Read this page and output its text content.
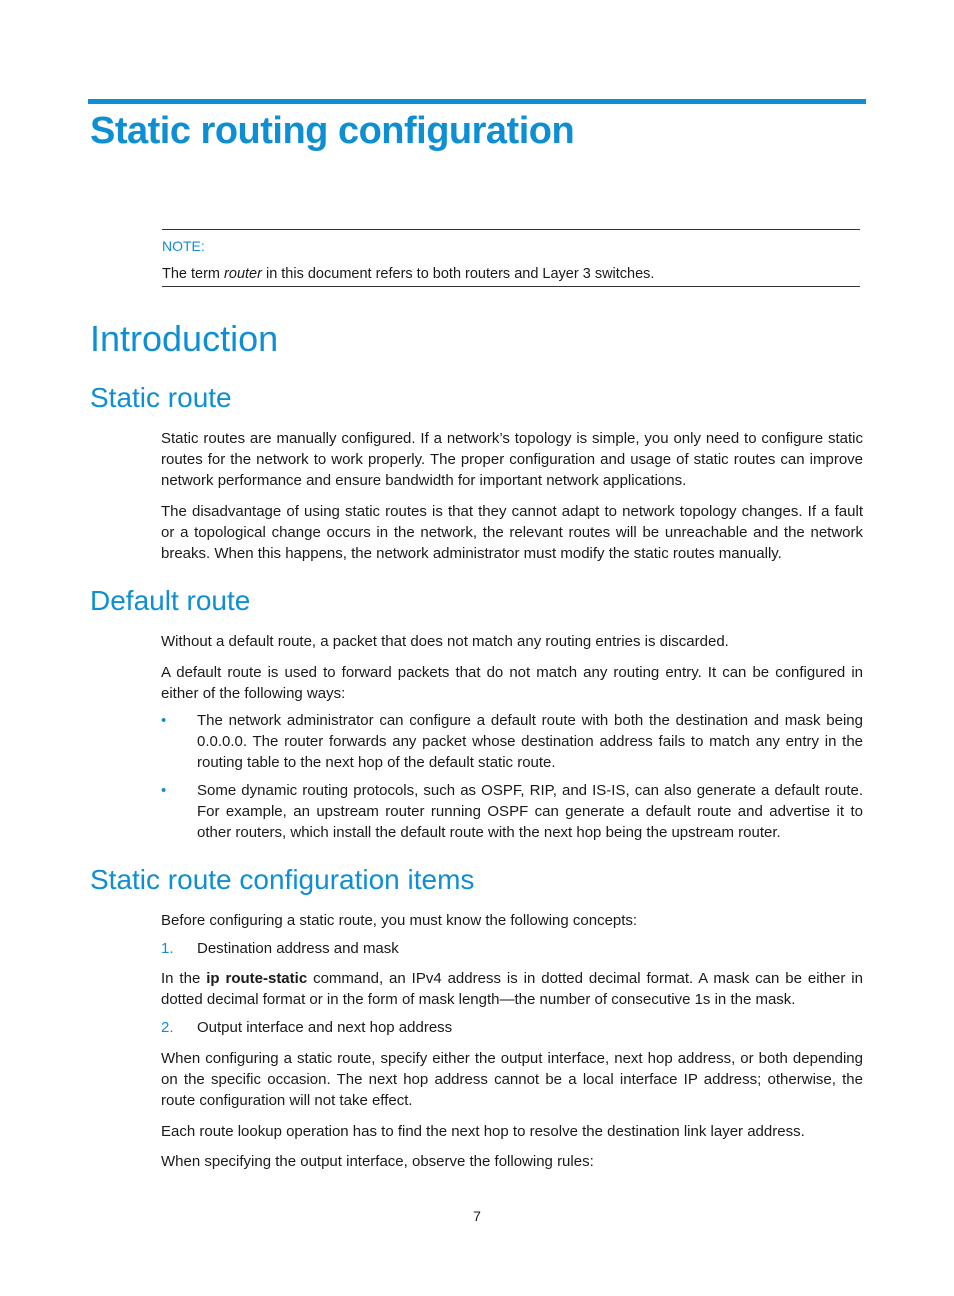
Static routing configuration
NOTE:
The term router in this document refers to both routers and Layer 3 switches.
Introduction
Static route
Static routes are manually configured. If a network’s topology is simple, you only need to configure static routes for the network to work properly. The proper configuration and usage of static routes can improve network performance and ensure bandwidth for important network applications.
The disadvantage of using static routes is that they cannot adapt to network topology changes. If a fault or a topological change occurs in the network, the relevant routes will be unreachable and the network breaks. When this happens, the network administrator must modify the static routes manually.
Default route
Without a default route, a packet that does not match any routing entries is discarded.
A default route is used to forward packets that do not match any routing entry. It can be configured in either of the following ways:
• The network administrator can configure a default route with both the destination and mask being 0.0.0.0. The router forwards any packet whose destination address fails to match any entry in the routing table to the next hop of the default static route.
• Some dynamic routing protocols, such as OSPF, RIP, and IS-IS, can also generate a default route. For example, an upstream router running OSPF can generate a default route and advertise it to other routers, which install the default route with the next hop being the upstream router.
Static route configuration items
Before configuring a static route, you must know the following concepts:
1. Destination address and mask
In the ip route-static command, an IPv4 address is in dotted decimal format. A mask can be either in dotted decimal format or in the form of mask length—the number of consecutive 1s in the mask.
2. Output interface and next hop address
When configuring a static route, specify either the output interface, next hop address, or both depending on the specific occasion. The next hop address cannot be a local interface IP address; otherwise, the route configuration will not take effect.
Each route lookup operation has to find the next hop to resolve the destination link layer address.
When specifying the output interface, observe the following rules:
7
